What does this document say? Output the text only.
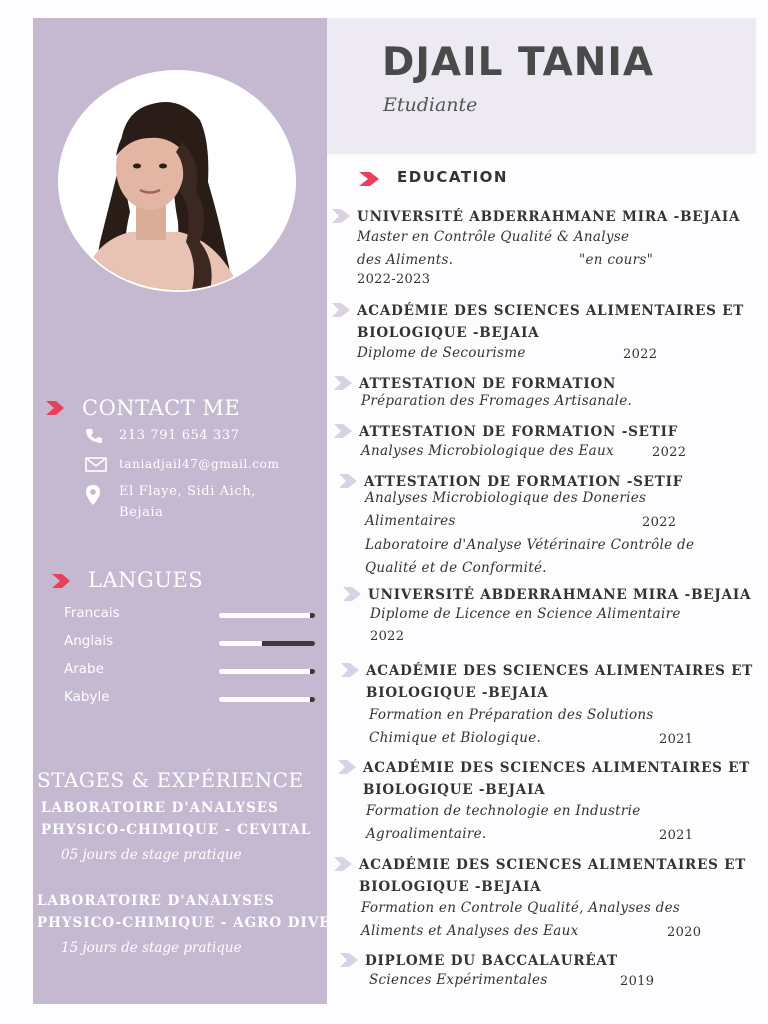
DJAIL TANIA
Etudiante
CONTACT ME
213 791 654 337
taniadjail47@gmail.com
El Flaye, Sidi Aich,
Bejaia
LANGUES
Francais
Anglais
Arabe
Kabyle
STAGES & EXPÉRIENCE
LABORATOIRE D'ANALYSES
PHYSICO-CHIMIQUE - CEVITAL
05 jours de stage pratique
LABORATOIRE D'ANALYSES
PHYSICO-CHIMIQUE - AGRO DIVE
15 jours de stage pratique
EDUCATION
UNIVERSITÉ ABDERRAHMANE MIRA -BEJAIA
Master en Contrôle Qualité & Analyse
des Aliments.	"en cours"
2022-2023
ACADÉMIE DES SCIENCES ALIMENTAIRES ET
BIOLOGIQUE -BEJAIA
Diplome de Secourisme	2022
ATTESTATION DE FORMATION
Préparation des Fromages Artisanale.
ATTESTATION DE FORMATION -SETIF
Analyses Microbiologique des Eaux	2022
ATTESTATION DE FORMATION -SETIF
Analyses Microbiologique des Doneries
Alimentaires	2022
Laboratoire d'Analyse Vétérinaire Contrôle de
Qualité et de Conformité.
UNIVERSITÉ ABDERRAHMANE MIRA -BEJAIA
Diplome de Licence en Science Alimentaire
2022
ACADÉMIE DES SCIENCES ALIMENTAIRES ET
BIOLOGIQUE -BEJAIA
Formation en Préparation des Solutions
Chimique et Biologique.	2021
ACADÉMIE DES SCIENCES ALIMENTAIRES ET
BIOLOGIQUE -BEJAIA
Formation de technologie en Industrie
Agroalimentaire.	2021
ACADÉMIE DES SCIENCES ALIMENTAIRES ET
BIOLOGIQUE -BEJAIA
Formation en Controle Qualité, Analyses des
Aliments et Analyses des Eaux	2020
DIPLOME DU BACCALAURÉAT
Sciences Expérimentales	2019
